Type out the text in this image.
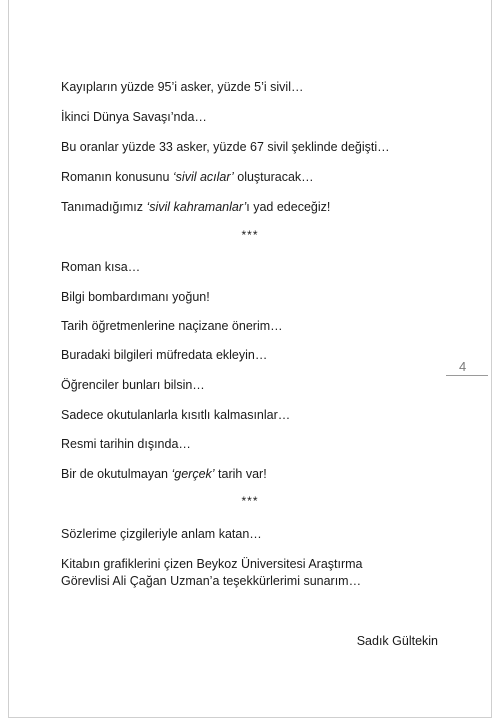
Kayıpların yüzde 95’i asker, yüzde 5’i sivil…
İkinci Dünya Savaşı’nda…
Bu oranlar yüzde 33 asker, yüzde 67 sivil şeklinde değişti…
Romanın konusunu ‘sivil acılar’ oluşturacak…
Tanımadığımız ‘sivil kahramanlar’ı yad edeceğiz!
***
Roman kısa…
Bilgi bombardımanı yoğun!
Tarih öğretmenlerine naçizane önerim…
Buradaki bilgileri müfredata ekleyin…
Öğrenciler bunları bilsin…
Sadece okutulanlarla kısıtlı kalmasınlar…
Resmi tarihin dışında…
Bir de okutulmayan ‘gerçek’ tarih var!
***
Sözlerime çizgileriyle anlam katan…
Kitabın grafiklerini çizen Beykoz Üniversitesi Araştırma
Görevlisi Ali Çağan Uzman’a teşekkürlerimi sunarım…
Sadık Gültekin
4
